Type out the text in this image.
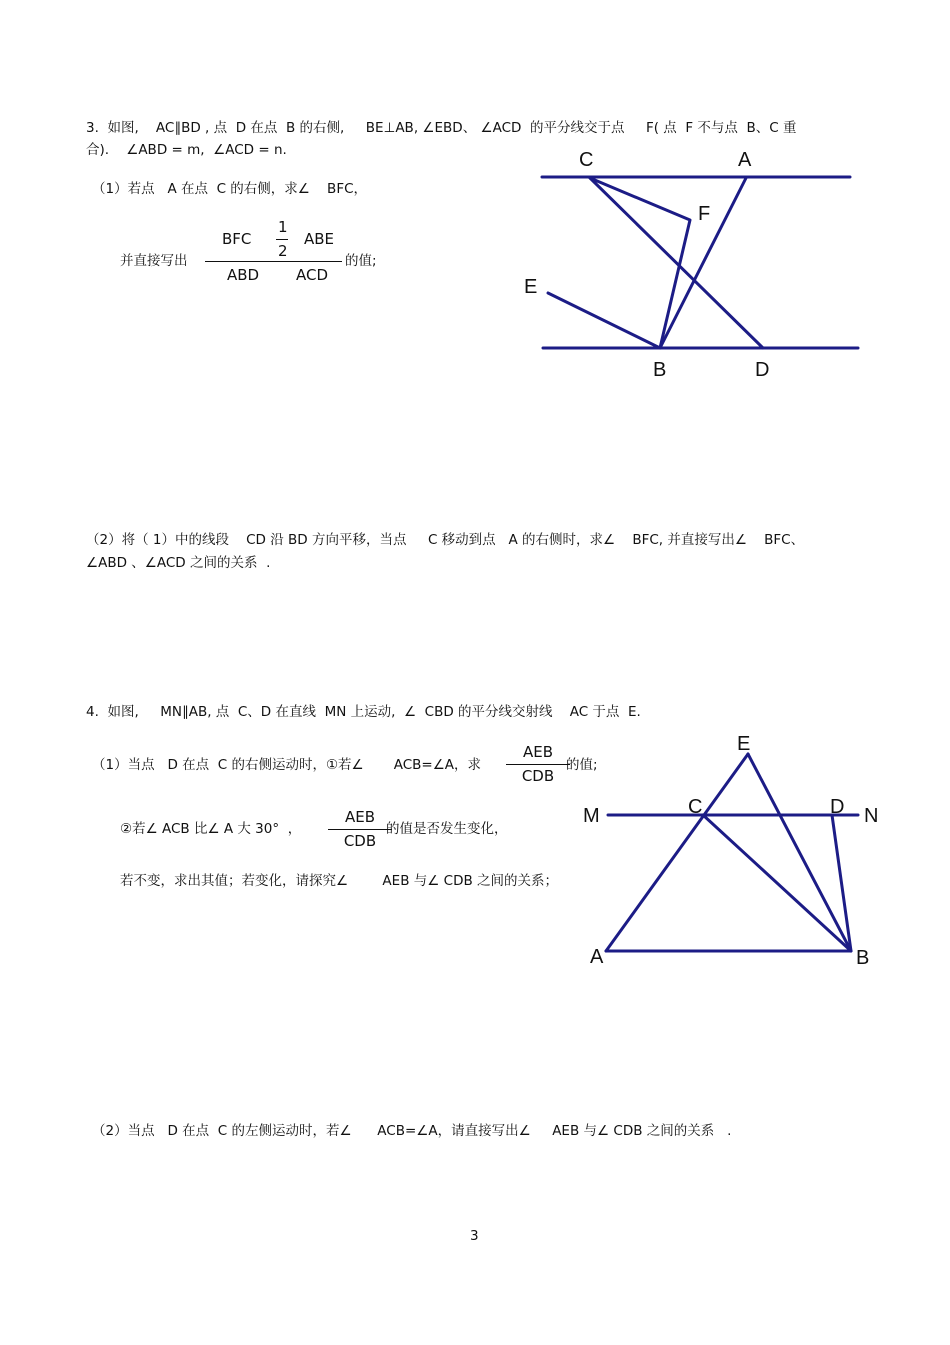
3.  如图,    AC∥BD , 点  D 在点  B 的右侧,     BE⊥AB, ∠EBD、 ∠ACD  的平分线交于点     F( 点  F 不与点  B、C 重
合).    ∠ABD = m,  ∠ACD = n.
（1）若点   A 在点  C 的右侧，求∠    BFC，
并直接写出
BFC
1
2
ABE
ABD ACD
的值;
C	A
F
E
B	D
（2）将（ 1）中的线段    CD 沿 BD 方向平移，当点     C 移动到点   A 的右侧时，求∠    BFC, 并直接写出∠    BFC、
∠ABD 、∠ACD 之间的关系  .
4.  如图,     MN∥AB, 点  C、D 在直线  MN 上运动,  ∠  CBD 的平分线交射线    AC 于点  E.
（1）当点   D 在点  C 的右侧运动时，①若∠       ACB=∠A，求
AEB
CDB
的值;
②若∠ ACB 比∠ A 大 30°  ，
AEB
CDB
的值是否发生变化，
若不变，求出其值；若变化，请探究∠        AEB 与∠ CDB 之间的关系；
E
M	C	D N
A	B
（2）当点   D 在点  C 的左侧运动时，若∠      ACB=∠A，请直接写出∠     AEB 与∠ CDB 之间的关系   .
3
